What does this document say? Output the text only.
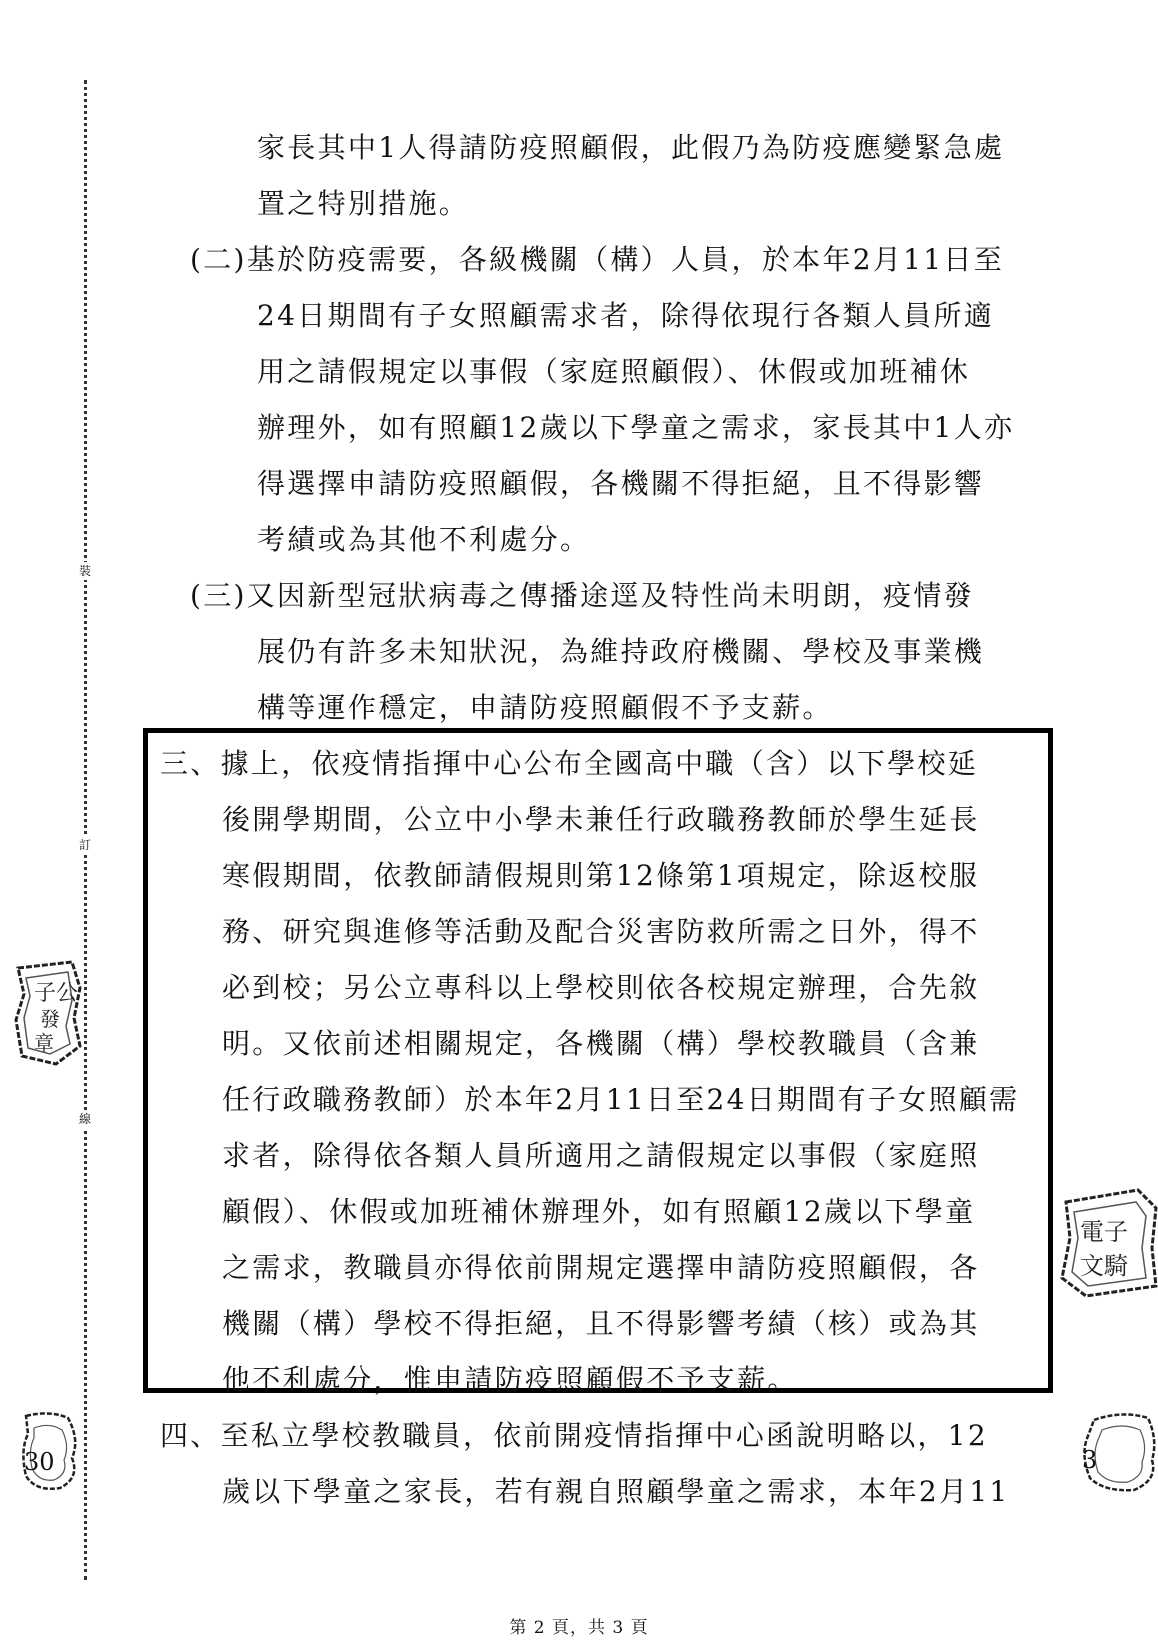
裝
訂
線
家長其中1人得請防疫照顧假，此假乃為防疫應變緊急處
置之特別措施。
(二)基於防疫需要，各級機關（構）人員，於本年2月11日至
24日期間有子女照顧需求者，除得依現行各類人員所適
用之請假規定以事假（家庭照顧假）、休假或加班補休
辦理外，如有照顧12歲以下學童之需求，家長其中1人亦
得選擇申請防疫照顧假，各機關不得拒絕，且不得影響
考績或為其他不利處分。
(三)又因新型冠狀病毒之傳播途逕及特性尚未明朗，疫情發
展仍有許多未知狀況，為維持政府機關、學校及事業機
構等運作穩定，申請防疫照顧假不予支薪。
三、據上，依疫情指揮中心公布全國高中職（含）以下學校延
後開學期間，公立中小學未兼任行政職務教師於學生延長
寒假期間，依教師請假規則第12條第1項規定，除返校服
務、研究與進修等活動及配合災害防救所需之日外，得不
必到校；另公立專科以上學校則依各校規定辦理，合先敘
明。又依前述相關規定，各機關（構）學校教職員（含兼
任行政職務教師）於本年2月11日至24日期間有子女照顧需
求者，除得依各類人員所適用之請假規定以事假（家庭照
顧假）、休假或加班補休辦理外，如有照顧12歲以下學童
之需求，教職員亦得依前開規定選擇申請防疫照顧假，各
機關（構）學校不得拒絕，且不得影響考績（核）或為其
他不利處分，惟申請防疫照顧假不予支薪。
四、至私立學校教職員，依前開疫情指揮中心函說明略以，12
歲以下學童之家長，若有親自照顧學童之需求，本年2月11
子公
發
章
電子
文騎
30	3
第 2 頁，共 3 頁
